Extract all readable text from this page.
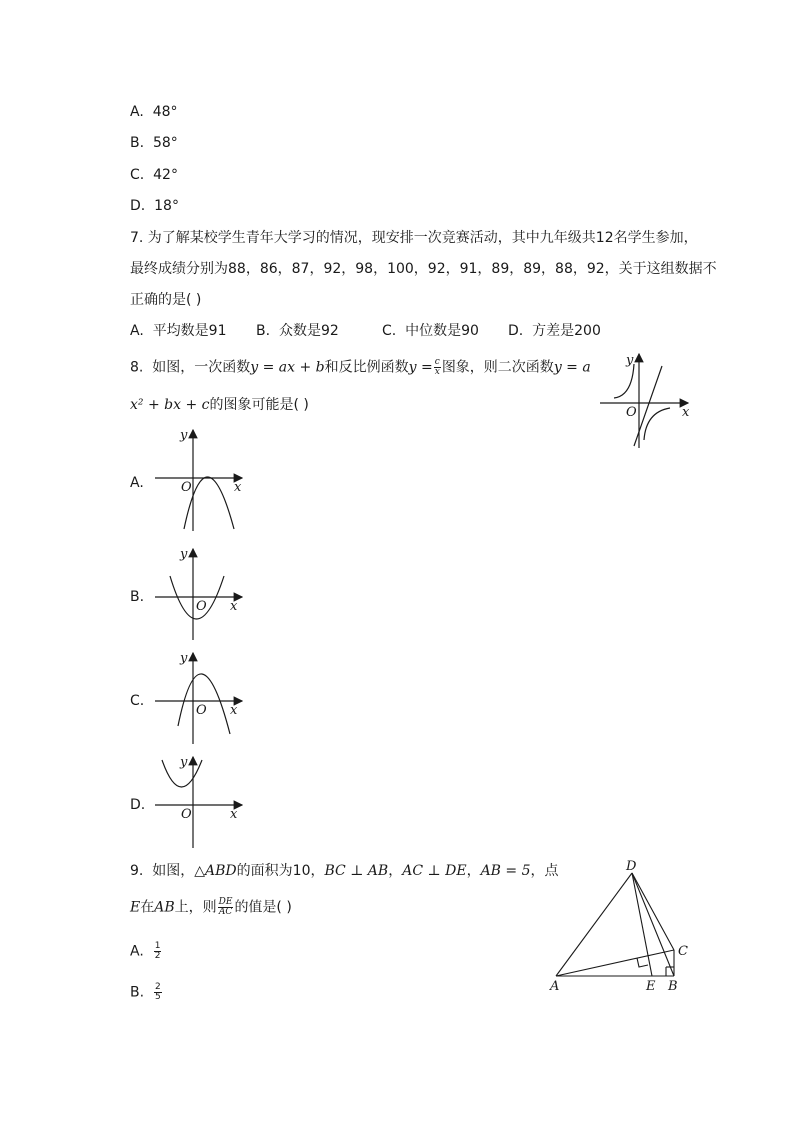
A. 48°
B. 58°
C. 42°
D. 18°
7. 为了解某校学生青年大学习的情况，现安排一次竞赛活动，其中九年级共12名学生参加，
最终成绩分别为88，86，87，92，98，100，92，91，89，89，88，92，关于这组数据不
正确的是( )
A. 平均数是91 B. 众数是92	C. 中位数是90 D. 方差是200
8. 如图，一次函数y = ax + b和反比例函数$y = \frac{c}{x}$ 图象，则二次函数y = a
x² + bx + c的图象可能是( )
y
O	x
A.
y
O	x
B.
y
O x
C.
y
O x
D.
y
O	x
9. 如图，△ABD的面积为10，BC ⊥ AB，AC ⊥ DE，AB = 5，点
E在AB上，则 $\frac{DE}{AC}$ 的值是( )
A. $\frac{1}{2}$
B. $\frac{2}{5}$
D
C
A	E B
